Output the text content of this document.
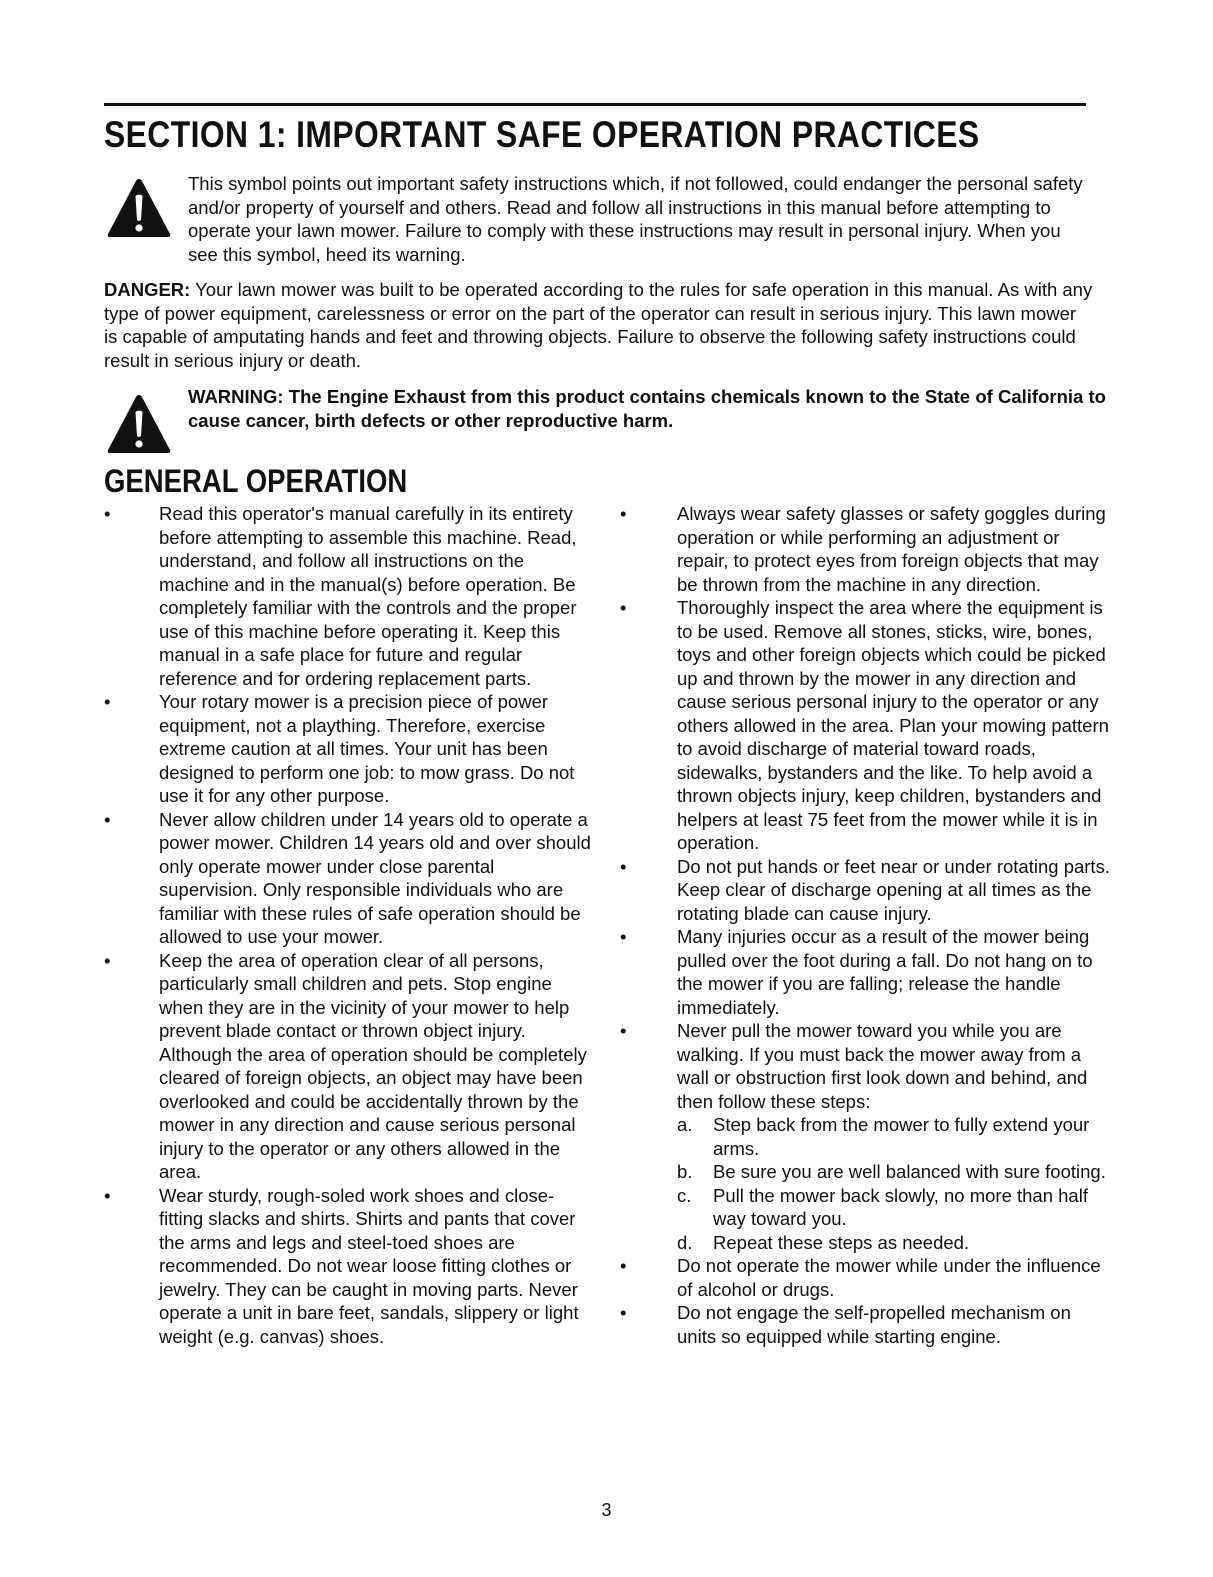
SECTION 1: IMPORTANT SAFE OPERATION PRACTICES

This symbol points out important safety instructions which, if not followed, could endanger the personal safety and/or property of yourself and others. Read and follow all instructions in this manual before attempting to operate your lawn mower. Failure to comply with these instructions may result in personal injury. When you see this symbol, heed its warning.

DANGER: Your lawn mower was built to be operated according to the rules for safe operation in this manual. As with any type of power equipment, carelessness or error on the part of the operator can result in serious injury. This lawn mower is capable of amputating hands and feet and throwing objects. Failure to observe the following safety instructions could result in serious injury or death.

WARNING: The Engine Exhaust from this product contains chemicals known to the State of California to cause cancer, birth defects or other reproductive harm.

GENERAL OPERATION

•	Read this operator's manual carefully in its entirety before attempting to assemble this machine. Read, understand, and follow all instructions on the machine and in the manual(s) before operation. Be completely familiar with the controls and the proper use of this machine before operating it. Keep this manual in a safe place for future and regular reference and for ordering replacement parts.

•	Your rotary mower is a precision piece of power equipment, not a plaything. Therefore, exercise extreme caution at all times. Your unit has been designed to perform one job: to mow grass. Do not use it for any other purpose.

•	Never allow children under 14 years old to operate a power mower. Children 14 years old and over should only operate mower under close parental supervision. Only responsible individuals who are familiar with these rules of safe operation should be allowed to use your mower.

•	Keep the area of operation clear of all persons, particularly small children and pets. Stop engine when they are in the vicinity of your mower to help prevent blade contact or thrown object injury. Although the area of operation should be completely cleared of foreign objects, an object may have been overlooked and could be accidentally thrown by the mower in any direction and cause serious personal injury to the operator or any others allowed in the area.

•	Wear sturdy, rough-soled work shoes and close-fitting slacks and shirts. Shirts and pants that cover the arms and legs and steel-toed shoes are recommended. Do not wear loose fitting clothes or jewelry. They can be caught in moving parts. Never operate a unit in bare feet, sandals, slippery or light weight (e.g. canvas) shoes.

•	Always wear safety glasses or safety goggles during operation or while performing an adjustment or repair, to protect eyes from foreign objects that may be thrown from the machine in any direction.

•	Thoroughly inspect the area where the equipment is to be used. Remove all stones, sticks, wire, bones, toys and other foreign objects which could be picked up and thrown by the mower in any direction and cause serious personal injury to the operator or any others allowed in the area. Plan your mowing pattern to avoid discharge of material toward roads, sidewalks, bystanders and the like. To help avoid a thrown objects injury, keep children, bystanders and helpers at least 75 feet from the mower while it is in operation.

•	Do not put hands or feet near or under rotating parts. Keep clear of discharge opening at all times as the rotating blade can cause injury.

•	Many injuries occur as a result of the mower being pulled over the foot during a fall. Do not hang on to the mower if you are falling; release the handle immediately.

•	Never pull the mower toward you while you are walking. If you must back the mower away from a wall or obstruction first look down and behind, and then follow these steps:

a. Step back from the mower to fully extend your arms.

b. Be sure you are well balanced with sure footing.

c. Pull the mower back slowly, no more than half way toward you.

d. Repeat these steps as needed.

•	Do not operate the mower while under the influence of alcohol or drugs.

•	Do not engage the self-propelled mechanism on units so equipped while starting engine.

3
